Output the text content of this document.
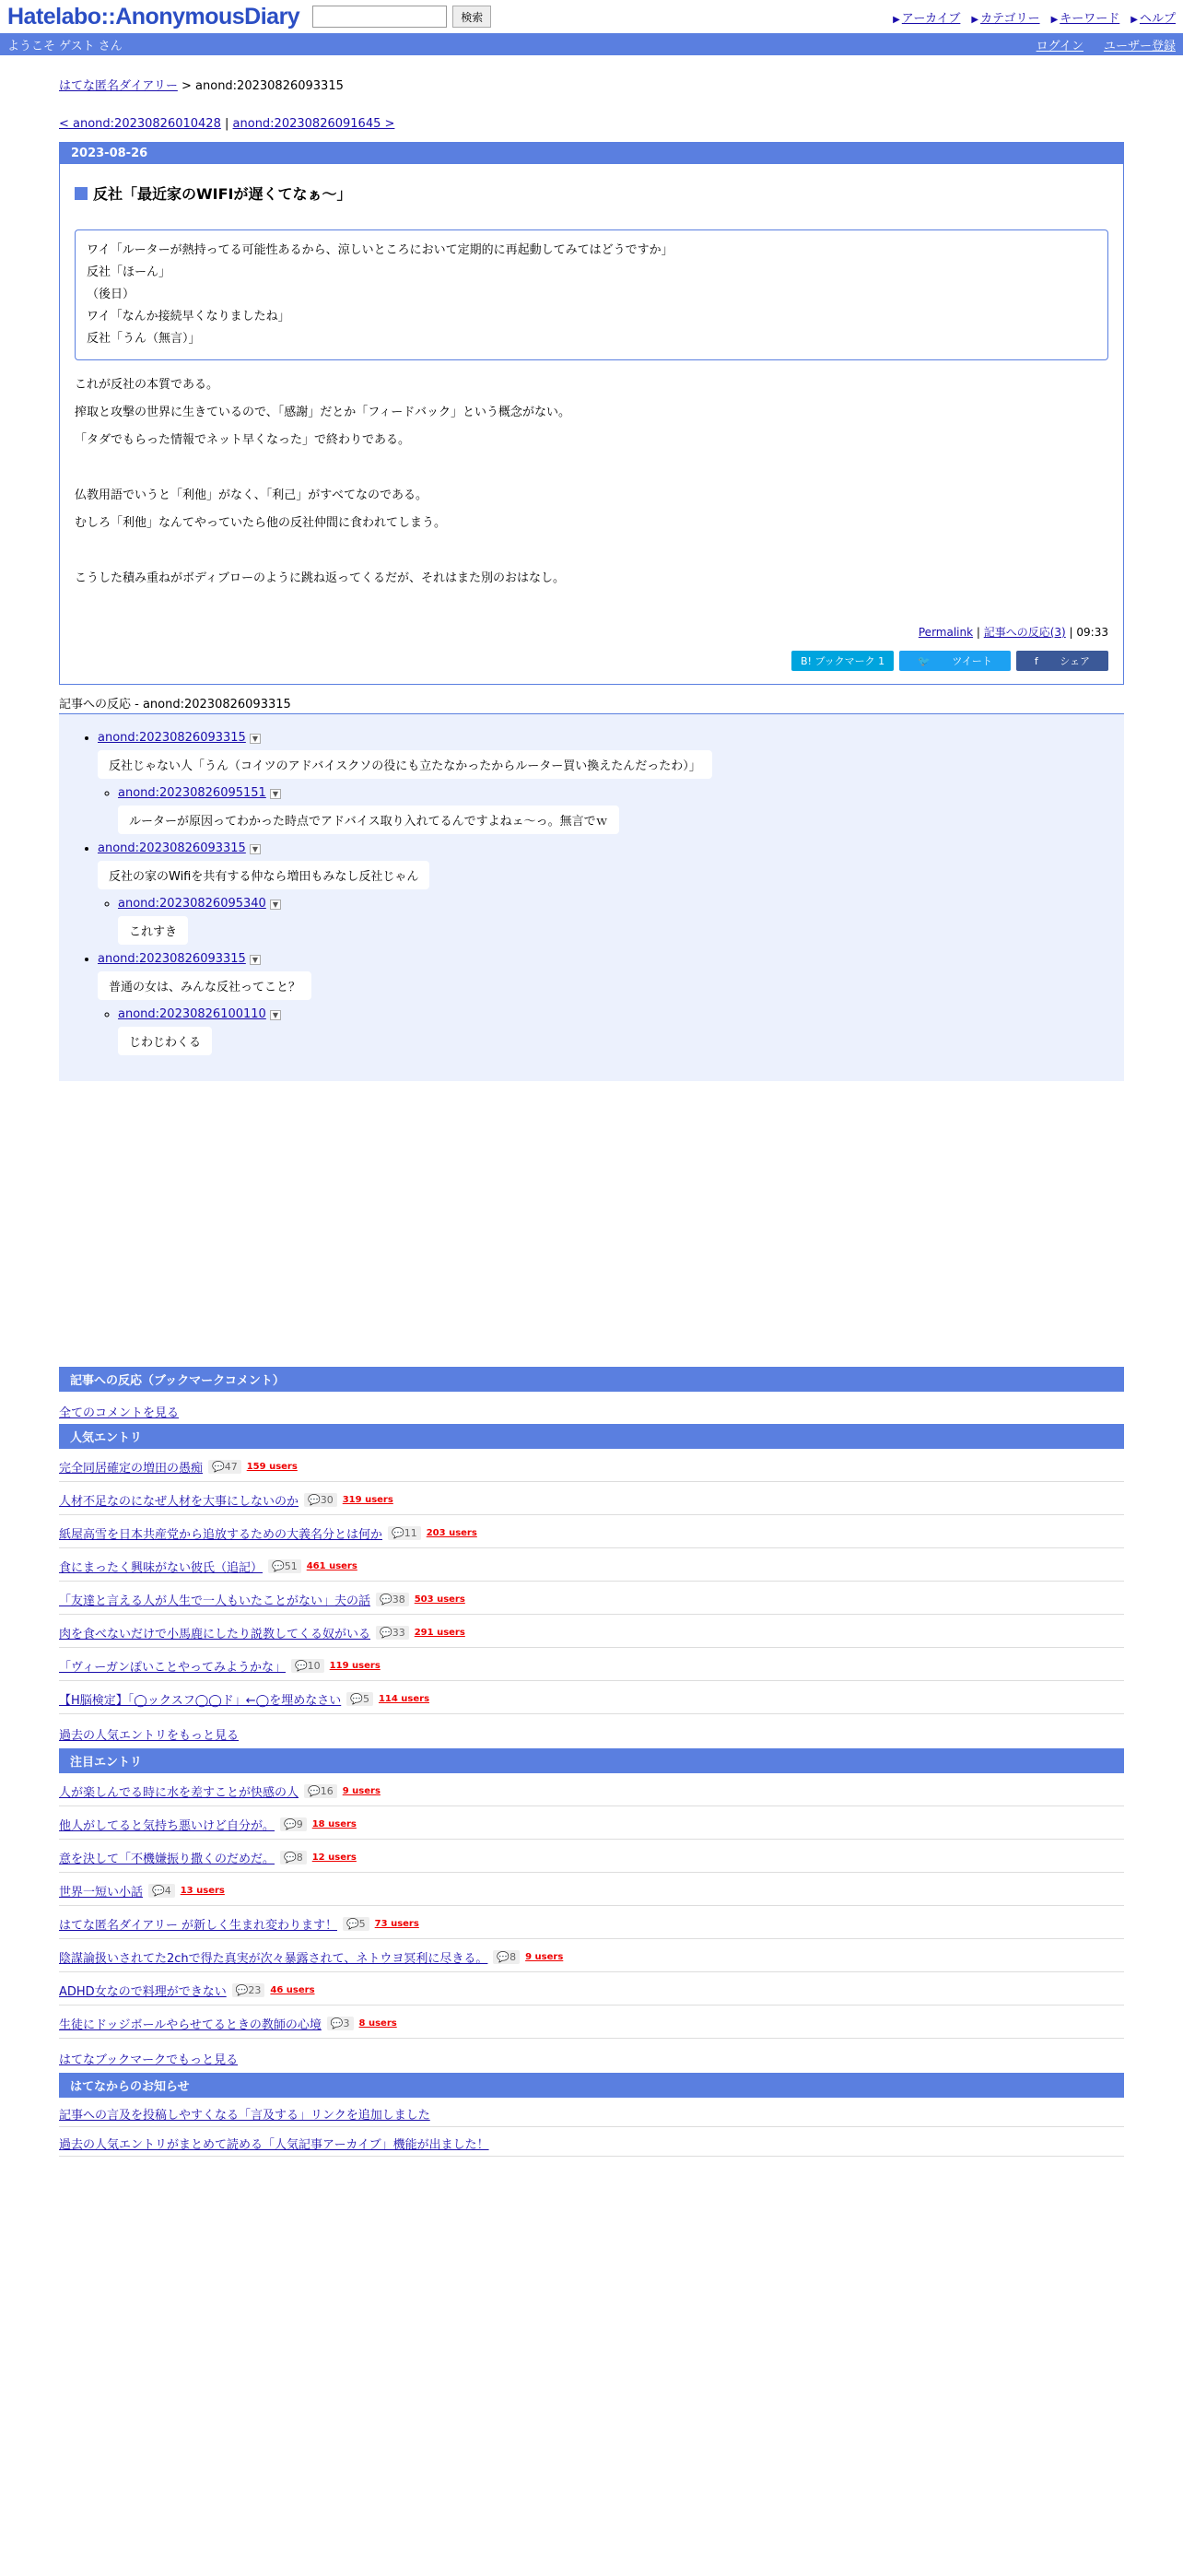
Hatelabo::AnonymousDiary	検索	▶ アーカイブ ▶ カテゴリー ▶ キーワード ▶ ヘルプ
ようこそ ゲスト さん	ログイン ユーザー登録
はてな匿名ダイアリー > anond:20230826093315
< anond:20230826010428 | anond:20230826091645 >
2023-08-26
反社「最近家のWIFIが遅くてなぁ〜」
ワイ「ルーターが熱持ってる可能性あるから、涼しいところにおいて定期的に再起動してみてはどうですか」
反社「ほーん」
（後日）
ワイ「なんか接続早くなりましたね」
反社「うん（無言）」
これが反社の本質である。
搾取と攻撃の世界に生きているので、「感謝」だとか「フィードバック」という概念がない。
「タダでもらった情報でネット早くなった」で終わりである。
仏教用語でいうと「利他」がなく、「利己」がすべてなのである。
むしろ「利他」なんてやっていたら他の反社仲間に食われてしまう。
こうした積み重ねがボディブローのように跳ね返ってくるだが、それはまた別のおはなし。
Permalink | 記事への反応(3) | 09:33
B! ブックマーク 1	🐦 ツイート	f シェア
記事への反応 - anond:20230826093315
• anond:20230826093315 ▼
反社じゃない人「うん（コイツのアドバイスクソの役にも立たなかったからルーター買い換えたんだったわ）」
◦ anond:20230826095151 ▼
ルーターが原因ってわかった時点でアドバイス取り入れてるんですよねェ〜っ。無言でｗ
• anond:20230826093315 ▼
反社の家のWifiを共有する仲なら増田もみなし反社じゃん
◦ anond:20230826095340 ▼
これすき
• anond:20230826093315 ▼
普通の女は、みんな反社ってこと？
◦ anond:20230826100110 ▼
じわじわくる
記事への反応（ブックマークコメント）
全てのコメントを見る
人気エントリ
完全同居確定の増田の愚痴 💬47	159 users
人材不足なのになぜ人材を大事にしないのか 💬30	319 users
紙屋高雪を日本共産党から追放するための大義名分とは何か 💬11	203 users
食にまったく興味がない彼氏（追記） 💬51	461 users
「友達と言える人が人生で一人もいたことがない」夫の話 💬38	503 users
肉を食べないだけで小馬鹿にしたり説教してくる奴がいる 💬33	291 users
「ヴィーガンぽいことやってみようかな」 💬10	119 users
【H脳検定】「◯ックスフ◯◯ド」←◯を埋めなさい 💬5	114 users
過去の人気エントリをもっと見る
注目エントリ
人が楽しんでる時に水を差すことが快感の人 💬16	9 users
他人がしてると気持ち悪いけど自分が。 💬9	18 users
意を決して「不機嫌振り撒くのだめだ。 💬8	12 users
世界一短い小話 💬4	13 users
はてな匿名ダイアリー が新しく生まれ変わります！ 💬5	73 users
陰謀論扱いされてた2chで得た真実が次々暴露されて、ネトウヨ冥利に尽きる。 💬8	9 users
ADHD女なので料理ができない 💬23	46 users
生徒にドッジボールやらせてるときの教師の心境 💬3	8 users
はてなブックマークでもっと見る
はてなからのお知らせ
記事への言及を投稿しやすくなる「言及する」リンクを追加しました
過去の人気エントリがまとめて読める「人気記事アーカイブ」機能が出ました！
